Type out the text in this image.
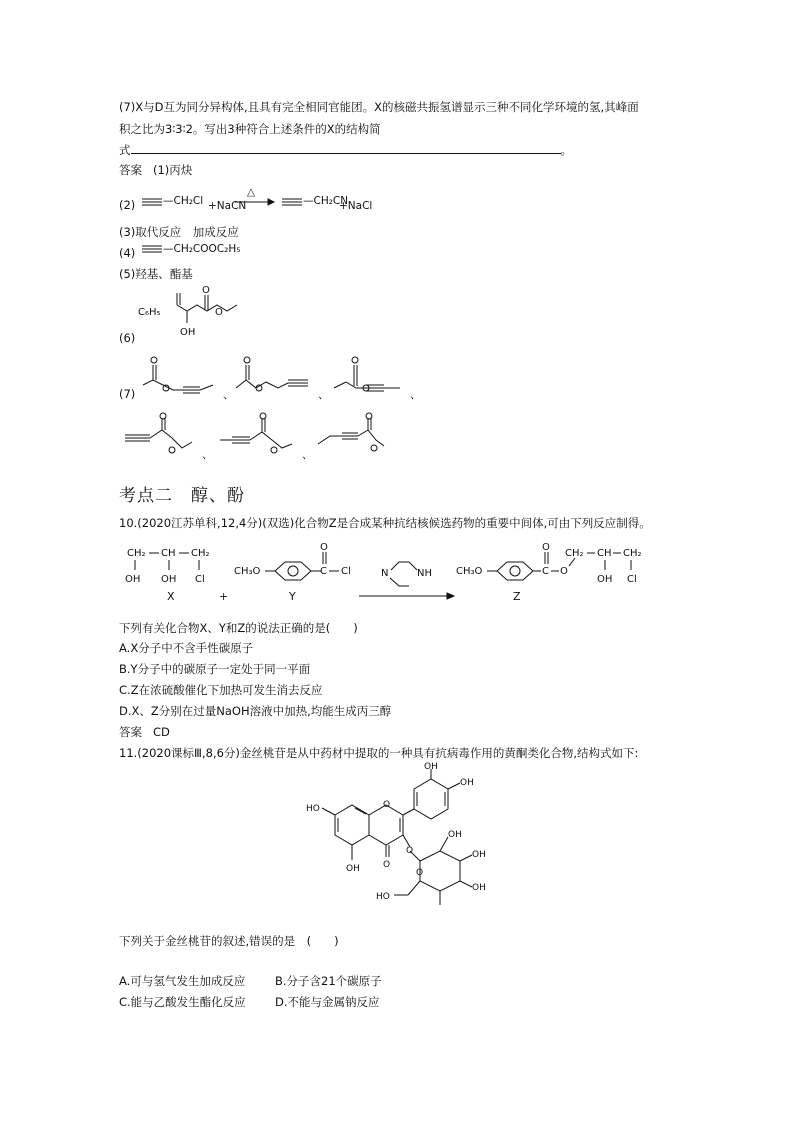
(7)X与D互为同分异构体,且具有完全相同官能团。X的核磁共振氢谱显示三种不同化学环境的氢,其峰面
积之比为3∶3∶2。写出3种符合上述条件的X的结构简
式	。
答案 (1)丙炔
(2)	—CH₂Cl +NaCN
△
—CH₂CN
+NaCl
(3)取代反应　加成反应
(4)	—CH₂COOC₂H₅
(5)羟基、酯基
(6)
C₆H₅
OH
O
O
(7)	、	、	、
、	、
考点二　醇、酚
10.(2020江苏单科,12,4分)(双选)化合物Z是合成某种抗结核候选药物的重要中间体,可由下列反应制得。
CH₂ CH CH₂
OH OH Cl
X	+
CH₃O	C
O
Cl
Y
N	NH CH₃O	C
O
O
CH₂ CH CH₂
OH Cl
Z
下列有关化合物X、Y和Z的说法正确的是(　　)
A.X分子中不含手性碳原子
B.Y分子中的碳原子一定处于同一平面
C.Z在浓硫酸催化下加热可发生消去反应
D.X、Z分别在过量NaOH溶液中加热,均能生成丙三醇
答案 CD
11.(2020课标Ⅲ,8,6分)金丝桃苷是从中药材中提取的一种具有抗病毒作用的黄酮类化合物,结构式如下:
OH
OH
HO
OH	O
O
O
O
OH
OH
OH
HO
下列关于金丝桃苷的叙述,错误的是　(　　)
A.可与氢气发生加成反应	B.分子含21个碳原子
C.能与乙酸发生酯化反应	D.不能与金属钠反应
